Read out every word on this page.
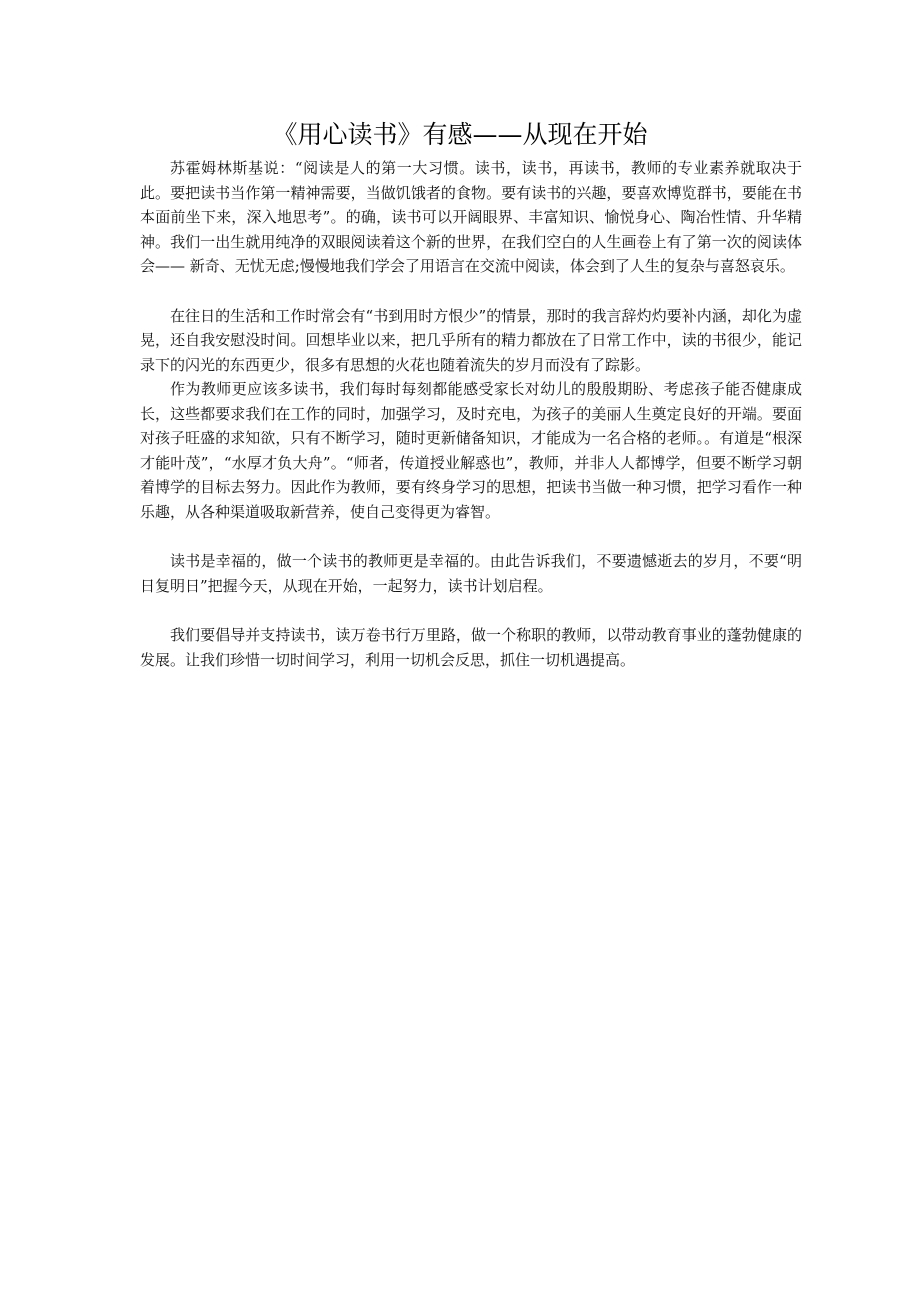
《用心读书》有感——从现在开始

苏霍姆林斯基说：“阅读是人的第一大习惯。读书，读书，再读书，教师的专业素养就取决于此。要把读书当作第一精神需要，当做饥饿者的食物。要有读书的兴趣，要喜欢博览群书，要能在书本面前坐下来，深入地思考”。的确，读书可以开阔眼界、丰富知识、愉悦身心、陶冶性情、升华精神。我们一出生就用纯净的双眼阅读着这个新的世界，在我们空白的人生画卷上有了第一次的阅读体会—— 新奇、无忧无虑;慢慢地我们学会了用语言在交流中阅读，体会到了人生的复杂与喜怒哀乐。

在往日的生活和工作时常会有“书到用时方恨少”的情景，那时的我言辞灼灼要补内涵，却化为虚晃，还自我安慰没时间。回想毕业以来，把几乎所有的精力都放在了日常工作中，读的书很少，能记录下的闪光的东西更少，很多有思想的火花也随着流失的岁月而没有了踪影。

作为教师更应该多读书，我们每时每刻都能感受家长对幼儿的殷殷期盼、考虑孩子能否健康成长，这些都要求我们在工作的同时，加强学习，及时充电，为孩子的美丽人生奠定良好的开端。要面对孩子旺盛的求知欲，只有不断学习，随时更新储备知识，才能成为一名合格的老师。。有道是“根深才能叶茂”，“水厚才负大舟”。“师者，传道授业解惑也”，教师，并非人人都博学，但要不断学习朝着博学的目标去努力。因此作为教师，要有终身学习的思想，把读书当做一种习惯，把学习看作一种乐趣，从各种渠道吸取新营养，使自己变得更为睿智。

读书是幸福的，做一个读书的教师更是幸福的。由此告诉我们，不要遗憾逝去的岁月，不要“明日复明日”把握今天，从现在开始，一起努力，读书计划启程。

我们要倡导并支持读书，读万卷书行万里路，做一个称职的教师，以带动教育事业的蓬勃健康的发展。让我们珍惜一切时间学习，利用一切机会反思，抓住一切机遇提高。
